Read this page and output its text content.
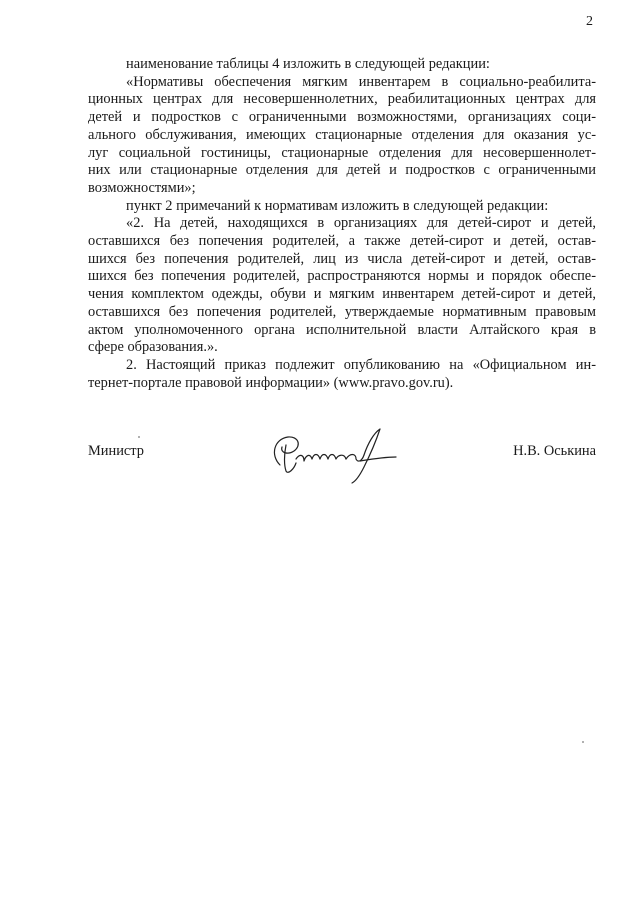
2
наименование таблицы 4 изложить в следующей редакции:
«Нормативы обеспечения мягким инвентарем в социально-реабилита-
ционных центрах для несовершеннолетних, реабилитационных центрах для
детей и подростков с ограниченными возможностями, организациях соци-
ального обслуживания, имеющих стационарные отделения для оказания ус-
луг социальной гостиницы, стационарные отделения для несовершеннолет-
них или стационарные отделения для детей и подростков с ограниченными
возможностями»;
пункт 2 примечаний к нормативам изложить в следующей редакции:
«2. На детей, находящихся в организациях для детей-сирот и детей,
оставшихся без попечения родителей, а также детей-сирот и детей, остав-
шихся без попечения родителей, лиц из числа детей-сирот и детей, остав-
шихся без попечения родителей, распространяются нормы и порядок обеспе-
чения комплектом одежды, обуви и мягким инвентарем детей-сирот и детей,
оставшихся без попечения родителей, утверждаемые нормативным правовым
актом уполномоченного органа исполнительной власти Алтайского края в
сфере образования.».
2. Настоящий приказ подлежит опубликованию на «Официальном ин-
тернет-портале правовой информации» (www.pravo.gov.ru).
Министр	Н.В. Оськина
